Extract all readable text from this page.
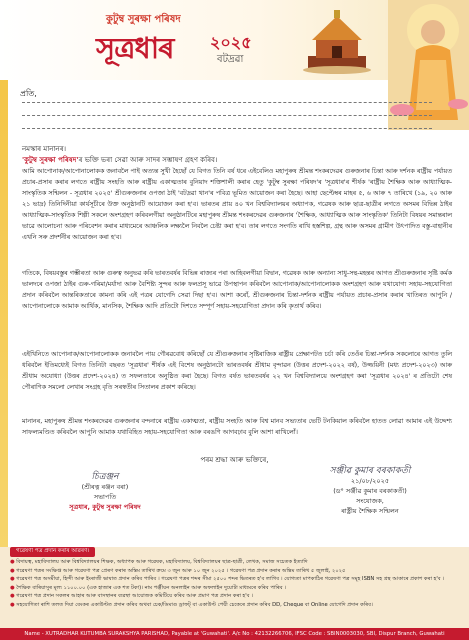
কুটুম্ব সুৰক্ষা পৰিষদ
সূত্ৰধাৰ ২০২৫
বটদ্ৰৱা
প্ৰতি,
নমস্কাৰ মানানৰ।
'কুটুম্ব সুৰক্ষা পৰিষদ'ৰ ভক্তি ভৰা সেৱা আৰু সাদৰ সম্ভাষণ গ্ৰহণ কৰিব।
আমি আপোনাক/আপোনালোকক জনাবলৈ পাই অত্যন্ত সুখী হৈছোঁ যে বিগত তিনি বৰ্ষ ধৰে এইবেলিও মহাপুৰুষ শ্ৰীমন্ত শংকৰদেৱৰ গুৰুজনাৰ চিন্তা আৰু দৰ্শনক ৰাষ্ট্ৰীয় পৰ্যায়ত প্ৰচাৰ-প্ৰসাৰ কৰাৰ লগতে ৰাষ্ট্ৰীয় সংহতি আৰু ৰাষ্ট্ৰীয় একাত্মতাৰ বুনিয়াদ শক্তিশালী কৰাৰ হেতু 'কুটুম্ব সুৰক্ষা পৰিষদ'ৰ 'সূত্ৰধাৰ'ৰ শীৰ্ষক 'ৰাষ্ট্ৰীয় শৈক্ষিক আৰু আধ্যাত্মিক-সাংস্কৃতিক সন্মিলন - সূত্ৰধাৰ ২০২৫' শ্ৰীগুৰুজনাৰ ওপজা ঠাই 'বটদ্ৰৱা থান'ৰ পবিত্ৰ ভূমিত আয়োজন কৰা হৈছে। আহা ছেপ্টেম্বৰ মাহৰ ৫, ৬ আৰু ৭ তাৰিখে (১৯, ২০ আৰু ২১ ভাদ্ৰ) তিনিদিনীয়া কাৰ্যসূচীৰে উক্ত অনুষ্ঠানটি আয়োজন কৰা হ'ব। ভাৰতৰ প্ৰায় ৪০ খন বিশ্ববিদ্যালয়ৰ অধ্যাপক, গৱেষক আৰু ছাত্ৰ-ছাত্ৰীৰ লগতে অসমৰ বিভিন্ন ঠাইৰ আধ্যাত্মিক-সাংস্কৃতিক শিল্পী সকলে অংশগ্ৰহণ কৰিবলগীয়া অনুষ্ঠানটিৰে মহাপুৰুষ শ্ৰীমন্ত শংকৰদেৱৰ গুৰুজনাৰ 'শৈক্ষিক, আধ্যাত্মিক আৰু সাংস্কৃতিক' তিনিটা বিষয়ৰ সমান্তৰাল ভাৱে আলোচনা আৰু পৰিবেশন কৰাৰ মাধ্যমেৰে আঞ্চলিক লক্ষ্যলৈ নিবলৈ চেষ্টা কৰা হ'ব। তাৰ লগতে সংগতি ৰাখি হস্তশিল্প, গ্ৰন্থ আৰু অসমৰ গ্ৰামীণ উৎপাদিত বস্তু-বাহানীৰ এখনি সৰু প্ৰদৰ্শনীৰ আয়োজন কৰা হ'ব।
গতিকে, বিষয়বস্তুৰ গম্ভীৰতা আৰু গুৰুত্ব অনুভৱ কৰি ভাৰতবৰ্ষৰ বিভিন্ন ৰাজ্যৰ পৰা আহিবলগীয়া বিদ্বান, গৱেষক আৰু অন্যান্য সাধু-সন্থ-মহন্তৰ আগত শ্ৰীগুৰুজনাৰ সৃষ্টি কৰ্মক ভালদৰে ওপজা ঠাইৰ গুৰু-গৰিমা/মৰ্যাদা আৰু বৈশিষ্ট্য সুন্দৰ আৰু ফলপ্ৰসূ ভাৱে উপস্থাপন কৰিবলৈ আপোনাক/আপোনালোকক অংশগ্ৰহণ আৰু যথাযোগ্য সহায়-সহযোগিতা প্ৰদান কৰিবলৈ আন্তৰিকতাৰে কামনা কৰি এই পত্ৰৰ যোগেদি সেৱা দিছা হ'ব। আশা কৰোঁ, শ্ৰীগুৰুজনাৰ চিন্তা-দৰ্শনক ৰাষ্ট্ৰীয় পৰ্যায়ত প্ৰচাৰ-প্ৰসাৰ কৰাৰ খাতিৰত আপুনি /আপোনালোকে আমাক আৰ্থিক, মানসিক, শৈক্ষিক আদি প্ৰতিটো দিশতে সম্পূৰ্ণ সহায়-সহযোগিতা প্ৰদান কৰি কৃতাৰ্থ কৰিব।
এইখিনিতে আপোনাক/আপোনালোকক জনাবলৈ পায় গৌৰৱবোধ কৰিছোঁ যে শ্ৰীগুৰুজনাৰ সৃষ্টিৰাজিক ৰাষ্ট্ৰীয় প্ৰেক্ষাপটত চৰ্চা কৰি তেওঁৰ চিন্তা-দৰ্শনক সকলোৰে আগত তুলি ধৰিবলৈ ইতিমধ্যেই বিগত তিনিটা বছৰত 'সূত্ৰধাৰ' শীৰ্ষক এই বিশেষ অনুষ্ঠানটো ভাৰতবৰ্ষৰ শ্ৰীধাম বৃন্দাৱন (উত্তৰ প্ৰদেশ-২০২২ বৰ্ষ), উজ্জয়িনী (মধ্য প্ৰদেশ-২০২৩) আৰু শ্ৰীধাম অযোধ্যা (উত্তৰ প্ৰদেশ-২০২৪) ত সফলতাৰে অনুষ্ঠিত কৰা হৈছে। বিগত বৰ্ষত ভাৰতবৰ্ষৰ ২২ খন বিশ্ববিদ্যালয়ে অংশগ্ৰহণ কৰা 'সূত্ৰধাৰ ২০২৪' ৰ প্ৰতিটো শেষ পৌৰাণিক সমলো লেখাৰ সংগ্ৰহ বৃতি সৰস্বতীৰ সিতালৰ প্ৰকাশ কৰিছে।
মানানৰ, মহাপুৰুষ শ্ৰীমন্ত শংকৰদেৱৰ গুৰুজনাৰ বন্দনাৰে ৰাষ্ট্ৰীয় একাত্মতা, ৰাষ্ট্ৰীয় সংহতি আৰু বিশ্ব মানব সভ্যতাৰ ভেটি টনকিয়াল কৰিবলৈ হাতত লোৱা আমাৰ এই উদ্দেশ্য সাফল্যমণ্ডিত কৰিবলৈ আপুনি আমাক যথাবিহিত সহায়-সহযোগিতা আৰু বৰঙণি আগবঢ়াব বুলি আশা ৰাখিলোঁ।
পৰম শ্ৰদ্ধা আৰু ভক্তিৰে,
চিত্ৰঞ্জন
(শ্ৰীৰত্ন ৰঞ্জন বৰা)
সভাপতি
সূত্ৰধাৰ, কুটুম্ব সুৰক্ষা পৰিষদ
সঞ্জীৱ কুমাৰ বৰকাকতী
২১/০৮/২০২৫
(ড° সঞ্জীৱ কুমাৰ বৰকাকতী)
সংযোজক,
ৰাষ্ট্ৰীয় শৈক্ষিক সন্মিলন
গৱেষণা পত্ৰ প্ৰদান কৰাৰ আৱৰণ।
● বিদায়ত্ব, মহাবিদ্যালয় আৰু বিশ্ববিদ্যালয়ৰ শিক্ষক, অধ্যাপক আৰু গৱেষক, মহাবিদ্যালয়, বিশ্ববিদ্যালয়ৰ ছাত্ৰ-ছাত্ৰী, লেখক, সমাজ সচেতক ইত্যাদি
● গৱেষণা পত্ৰৰ সংক্ষিপ্ত আৰু গৱেষণা পত্ৰ প্ৰেৰণ কৰাৰ অন্তিম তাৰিখ ক্ৰমে ৩ জুন আৰু ১০ জুন ২০২৫ । গৱেষণা পত্ৰ প্ৰদান কৰাৰ অন্তিম তাৰিখ ৫ জুলাই, ২০২৫
● গৱেষণা পত্ৰ অসমীয়া, হিন্দী আৰু ইংৰাজী ভাষাত প্ৰদান কৰিব পাৰিব । গৱেষণা পত্ৰৰ শব্দৰ সীমা ২৫০০ শব্দৰ ভিতৰত হ'ব লাগিব । যোগ্যতা মাপকাঠিৰ গৱেষণা পত্ৰ সমূহ ISBN সহ গ্ৰন্থ আকাৰে প্ৰকাশ কৰা হ'ব ।
● শৈক্ষিক বাৰিয়াসুৰ মূল্য ১১০০.০০ (এক হাজাৰ এক শত টকা)। নাম পঞ্জীয়ন অনলাইন আৰু অফলাইন দুয়োটা মাধ্যমৰে কৰিব পাৰিব ।
● গৱেষণা পত্ৰ প্ৰদান সকলৰ আহাৰ আৰু বাসস্থানৰ ব্যৱস্থা আয়োজক কমিটিয়ে কৰিব আৰু প্ৰমাণ পত্ৰ প্ৰদান কৰা হ'ব ।
● সহযোগিতা ৰাশি তলত দিয়া বেংকৰ একাউণ্টত প্ৰদান কৰিব অথবা চেক/ডিমাণ্ড ড্ৰাফট্‌ বা একাউণ্ট পেয়ী চেকেৰে প্ৰদান কৰিব DD, Cheque বা Online যোগেদি প্ৰদান কৰিব।
Name - XUTRADHAR KUTUMBA SURAKSHYA PARISHAD, Payable at 'Guwahati'. A/c No : 42132266706, IFSC Code : SBIN0003030, SBI, Dispur Branch, Guwahati
